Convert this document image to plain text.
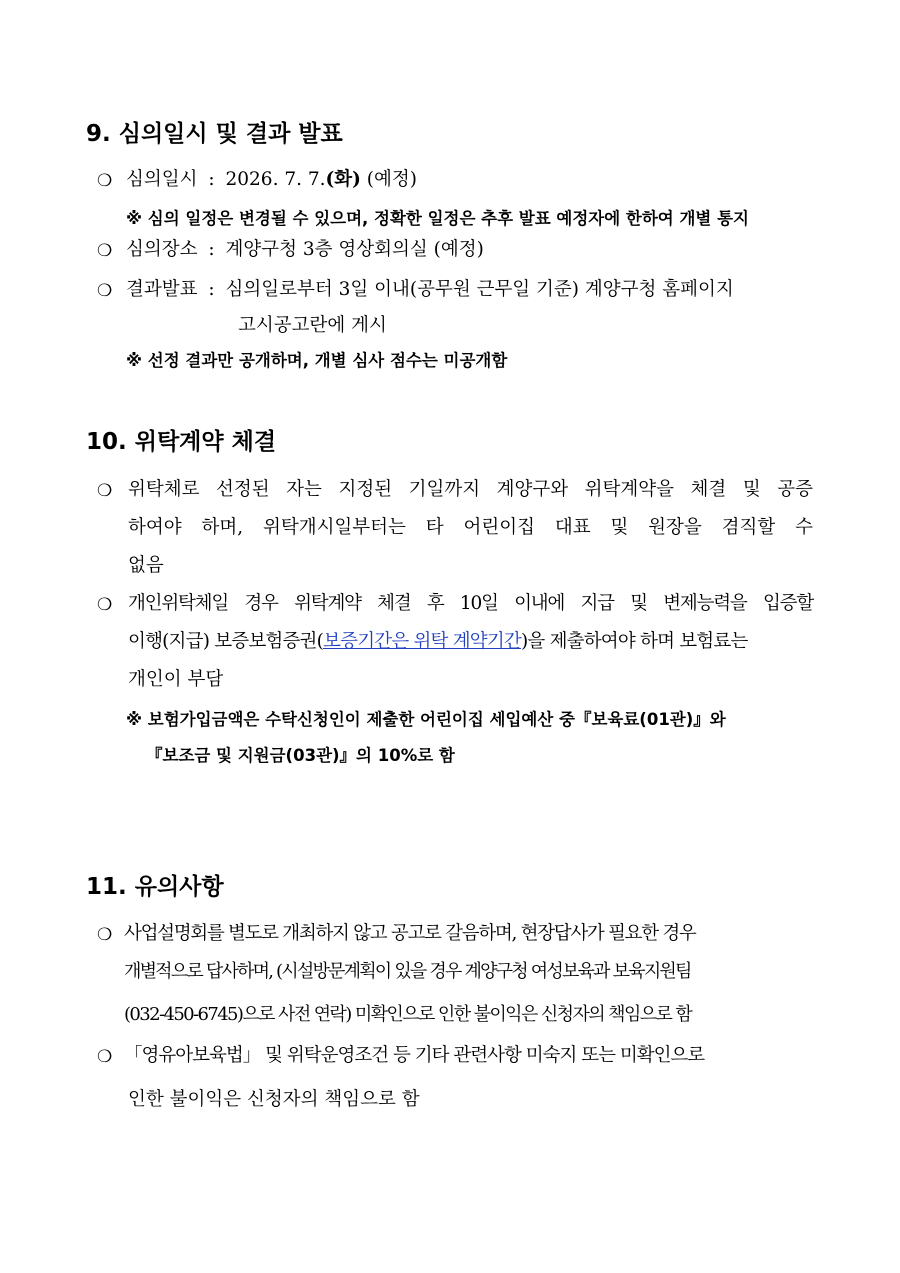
9. 심의일시 및 결과 발표
❍ 심의일시 : 2026. 7. 7.(화) (예정)
※ 심의 일정은 변경될 수 있으며, 정확한 일정은 추후 발표 예정자에 한하여 개별 통지
❍ 심의장소 : 계양구청 3층 영상회의실 (예정)
❍ 결과발표 : 심의일로부터 3일 이내(공무원 근무일 기준) 계양구청 홈페이지
고시공고란에 게시
※ 선정 결과만 공개하며, 개별 심사 점수는 미공개함
10. 위탁계약 체결
❍ 위탁체로 선정된 자는 지정된 기일까지 계양구와 위탁계약을 체결 및 공증
하여야 하며, 위탁개시일부터는 타 어린이집 대표 및 원장을 겸직할 수
없음
❍ 개인위탁체일 경우 위탁계약 체결 후 10일 이내에 지급 및 변제능력을 입증할
이행(지급) 보증보험증권(보증기간은 위탁 계약기간)을 제출하여야 하며 보험료는
개인이 부담
※ 보험가입금액은 수탁신청인이 제출한 어린이집 세입예산 중『보육료(01관)』와
『보조금 및 지원금(03관)』의 10%로 함
11. 유의사항
❍ 사업설명회를 별도로 개최하지 않고 공고로 갈음하며, 현장답사가 필요한 경우
개별적으로 답사하며, (시설방문계획이 있을 경우 계양구청 여성보육과 보육지원팀
(032-450-6745)으로 사전 연락) 미확인으로 인한 불이익은 신청자의 책임으로 함
❍ 「영유아보육법」 및 위탁운영조건 등 기타 관련사항 미숙지 또는 미확인으로
인한 불이익은 신청자의 책임으로 함
